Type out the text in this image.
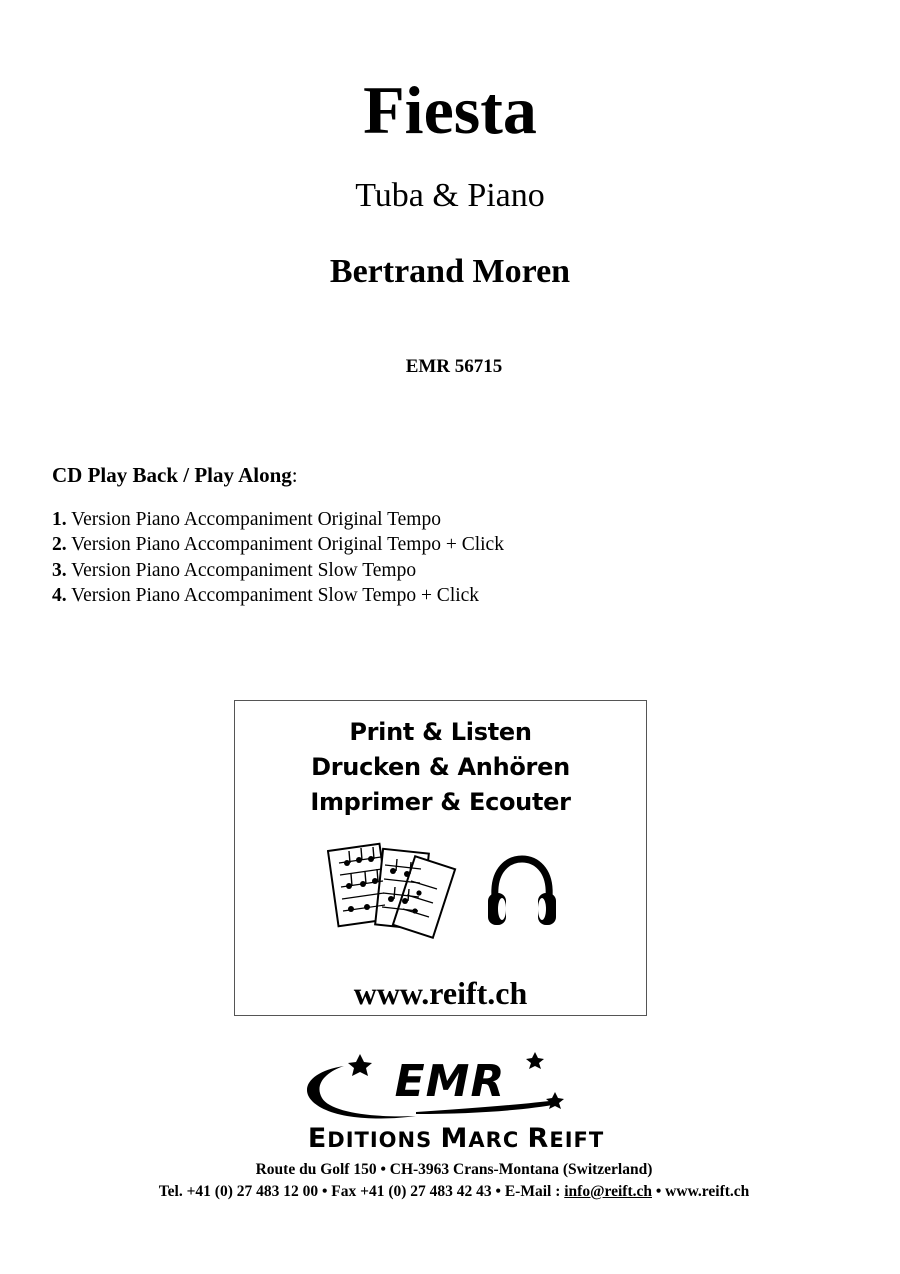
Fiesta
Tuba & Piano
Bertrand Moren
EMR 56715
CD Play Back / Play Along:
1. Version Piano Accompaniment Original Tempo
2. Version Piano Accompaniment Original Tempo + Click
3. Version Piano Accompaniment Slow Tempo
4. Version Piano Accompaniment Slow Tempo + Click
Print & Listen
Drucken & Anhören
Imprimer & Ecouter
www.reift.ch
EMR
EDITIONS MARC REIFT
Route du Golf 150 • CH-3963 Crans-Montana (Switzerland)
Tel. +41 (0) 27 483 12 00 • Fax +41 (0) 27 483 42 43 • E-Mail : info@reift.ch • www.reift.ch
